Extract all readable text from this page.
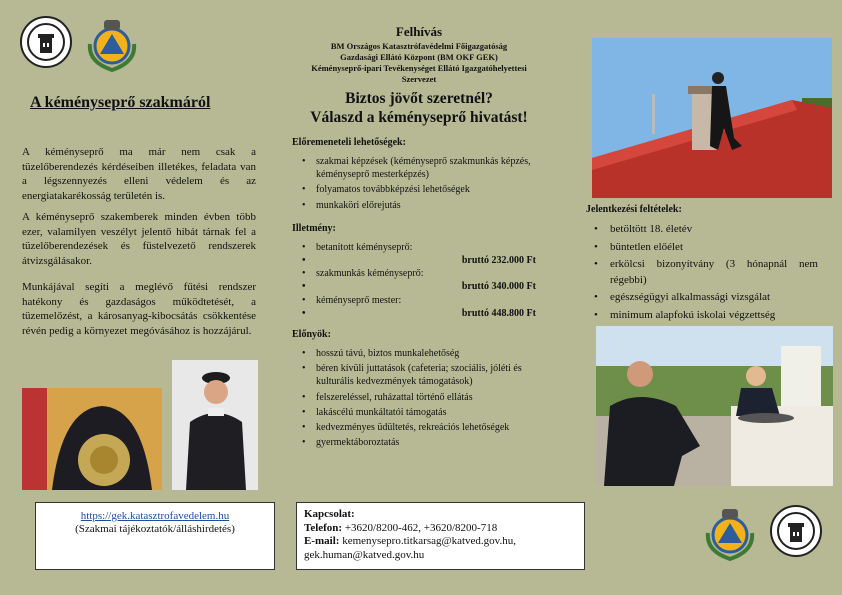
A kéményseprő szakmáról

A kéményseprő ma már nem csak a tüzelőberendezés kérdéseiben illetékes, feladata van a légszennyezés elleni védelem és az energiatakarékosság területén is.

A kéményseprő szakemberek minden évben több ezer, valamilyen veszélyt jelentő hibát tárnak fel a tüzelőberendezések és füstelvezető rendszerek átvizsgálásakor.

Munkájával segíti a meglévő fűtési rendszer hatékony és gazdaságos működtetését, a tüzemelőzést, a károsanyag-kibocsátás csökkentése révén pedig a környezet megóvásához is hozzájárul.

https://gek.katasztrofavedelem.hu
(Szakmai tájékoztatók/álláshirdetés)
Felhívás
BM Országos Katasztrófavédelmi Főigazgatóság
Gazdasági Ellátó Központ (BM OKF GEK)
Kéményseprő-ipari Tevékenységet Ellátó Igazgatóhelyettesi
Szervezet
Biztos jövőt szeretnél?
Válaszd a kéményseprő hivatást!
Előremeneteli lehetőségek:
• szakmai képzések (kéményseprő szakmunkás képzés, kéményseprő mesterképzés)
• folyamatos továbbképzési lehetőségek
• munkaköri előrejutás
Illetmény:
• betanított kéményseprő:
• bruttó 232.000 Ft
• szakmunkás kéményseprő:
• bruttó 340.000 Ft
• kéményseprő mester:
• bruttó 448.800 Ft
Előnyök:
• hosszú távú, biztos munkalehetőség
• béren kívüli juttatások (cafeteria; szociális, jóléti és kulturális kedvezmények támogatások)
• felszereléssel, ruházattal történő ellátás
• lakáscélú munkáltatói támogatás
• kedvezményes üdültetés, rekreációs lehetőségek
• gyermektáboroztatás
Kapcsolat:
Telefon: +3620/8200-462, +3620/8200-718
E-mail: kemenysepro.titkarsag@katved.gov.hu,
gek.human@katved.gov.hu
Jelentkezési feltételek:
• betöltött 18. életév
• büntetlen előélet
• erkölcsi bizonyítvány (3 hónapnál nem régebbi)
• egészségügyi alkalmassági vizsgálat
• minimum alapfokú iskolai végzettség
